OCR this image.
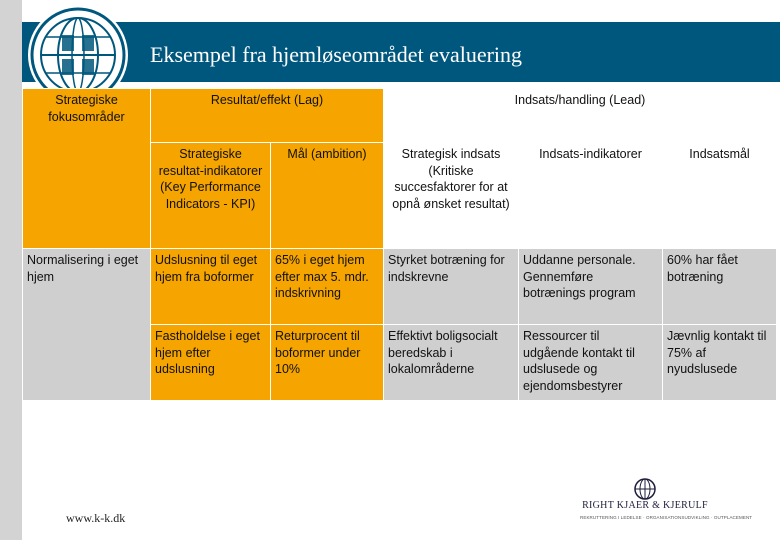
Eksempel fra hjemløseområdet evaluering
Strategiske fokusområder	Resultat/effekt (Lag)		Indsats/handling (Lead)		

	Strategiske resultat-indikatorer (Key Performance Indicators - KPI)	Mål (ambition)	Strategisk indsats (Kritiske succesfaktorer for at opnå ønsket resultat)	Indsats-indikatorer	Indsatsmål

Normalisering i eget hjem	Udslusning til eget hjem fra boformer	65% i eget hjem efter max 5. mdr. indskrivning	Styrket botræning for indskrevne	Uddanne personale. Gennemføre botrænings program	60% har fået botræning

	Fastholdelse i eget hjem efter udslusning	Returprocent til boformer under 10%	Effektivt boligsocialt beredskab i lokalområderne	Ressourcer til udgående kontakt til udslusede og ejendomsbestyrer	Jævnlig kontakt til 75% af nyudslusede
www.k-k.dk
RIGHT KJAER & KJERULF
REKRUTTERING I LEDELSE · ORGANISATIONSUDVIKLING · OUTPLACEMENT
